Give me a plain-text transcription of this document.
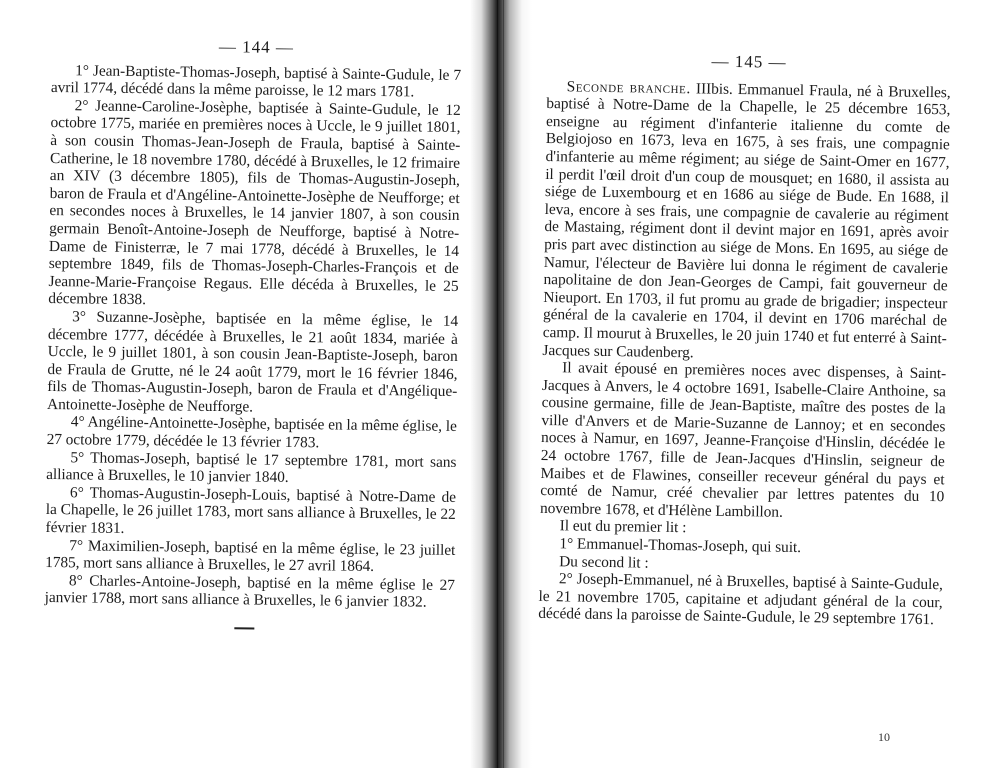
— 144 —

1° Jean-Baptiste-Thomas-Joseph, baptisé à Sainte-Gudule, le 7 avril 1774, décédé dans la même paroisse, le 12 mars 1781.

2° Jeanne-Caroline-Josèphe, baptisée à Sainte-Gudule, le 12 octobre 1775, mariée en premières noces à Uccle, le 9 juillet 1801, à son cousin Thomas-Jean-Joseph de Fraula, baptisé à Sainte-Catherine, le 18 novembre 1780, décédé à Bruxelles, le 12 frimaire an XIV (3 décembre 1805), fils de Thomas-Augustin-Joseph, baron de Fraula et d'Angéline-Antoinette-Josèphe de Neufforge; et en secondes noces à Bruxelles, le 14 janvier 1807, à son cousin germain Benoît-Antoine-Joseph de Neufforge, baptisé à Notre-Dame de Finisterræ, le 7 mai 1778, décédé à Bruxelles, le 14 septembre 1849, fils de Thomas-Joseph-Charles-François et de Jeanne-Marie-Françoise Regaus. Elle décéda à Bruxelles, le 25 décembre 1838.

3° Suzanne-Josèphe, baptisée en la même église, le 14 décembre 1777, décédée à Bruxelles, le 21 août 1834, mariée à Uccle, le 9 juillet 1801, à son cousin Jean-Baptiste-Joseph, baron de Fraula de Grutte, né le 24 août 1779, mort le 16 février 1846, fils de Thomas-Augustin-Joseph, baron de Fraula et d'Angélique-Antoinette-Josèphe de Neufforge.

4° Angéline-Antoinette-Josèphe, baptisée en la même église, le 27 octobre 1779, décédée le 13 février 1783.

5° Thomas-Joseph, baptisé le 17 septembre 1781, mort sans alliance à Bruxelles, le 10 janvier 1840.

6° Thomas-Augustin-Joseph-Louis, baptisé à Notre-Dame de la Chapelle, le 26 juillet 1783, mort sans alliance à Bruxelles, le 22 février 1831.

7° Maximilien-Joseph, baptisé en la même église, le 23 juillet 1785, mort sans alliance à Bruxelles, le 27 avril 1864.

8° Charles-Antoine-Joseph, baptisé en la même église le 27 janvier 1788, mort sans alliance à Bruxelles, le 6 janvier 1832.

— 145 —

Seconde branche. IIIbis. Emmanuel Fraula, né à Bruxelles, baptisé à Notre-Dame de la Chapelle, le 25 décembre 1653, enseigne au régiment d'infanterie italienne du comte de Belgiojoso en 1673, leva en 1675, à ses frais, une compagnie d'infanterie au même régiment; au siége de Saint-Omer en 1677, il perdit l'œil droit d'un coup de mousquet; en 1680, il assista au siége de Luxembourg et en 1686 au siége de Bude. En 1688, il leva, encore à ses frais, une compagnie de cavalerie au régiment de Mastaing, régiment dont il devint major en 1691, après avoir pris part avec distinction au siége de Mons. En 1695, au siége de Namur, l'électeur de Bavière lui donna le régiment de cavalerie napolitaine de don Jean-Georges de Campi, fait gouverneur de Nieuport. En 1703, il fut promu au grade de brigadier; inspecteur général de la cavalerie en 1704, il devint en 1706 maréchal de camp. Il mourut à Bruxelles, le 20 juin 1740 et fut enterré à Saint-Jacques sur Caudenberg.

Il avait épousé en premières noces avec dispenses, à Saint-Jacques à Anvers, le 4 octobre 1691, Isabelle-Claire Anthoine, sa cousine germaine, fille de Jean-Baptiste, maître des postes de la ville d'Anvers et de Marie-Suzanne de Lannoy; et en secondes noces à Namur, en 1697, Jeanne-Françoise d'Hinslin, décédée le 24 octobre 1767, fille de Jean-Jacques d'Hinslin, seigneur de Maibes et de Flawines, conseiller receveur général du pays et comté de Namur, créé chevalier par lettres patentes du 10 novembre 1678, et d'Hélène Lambillon.

Il eut du premier lit :

1° Emmanuel-Thomas-Joseph, qui suit.

Du second lit :

2° Joseph-Emmanuel, né à Bruxelles, baptisé à Sainte-Gudule, le 21 novembre 1705, capitaine et adjudant général de la cour, décédé dans la paroisse de Sainte-Gudule, le 29 septembre 1761.

10
